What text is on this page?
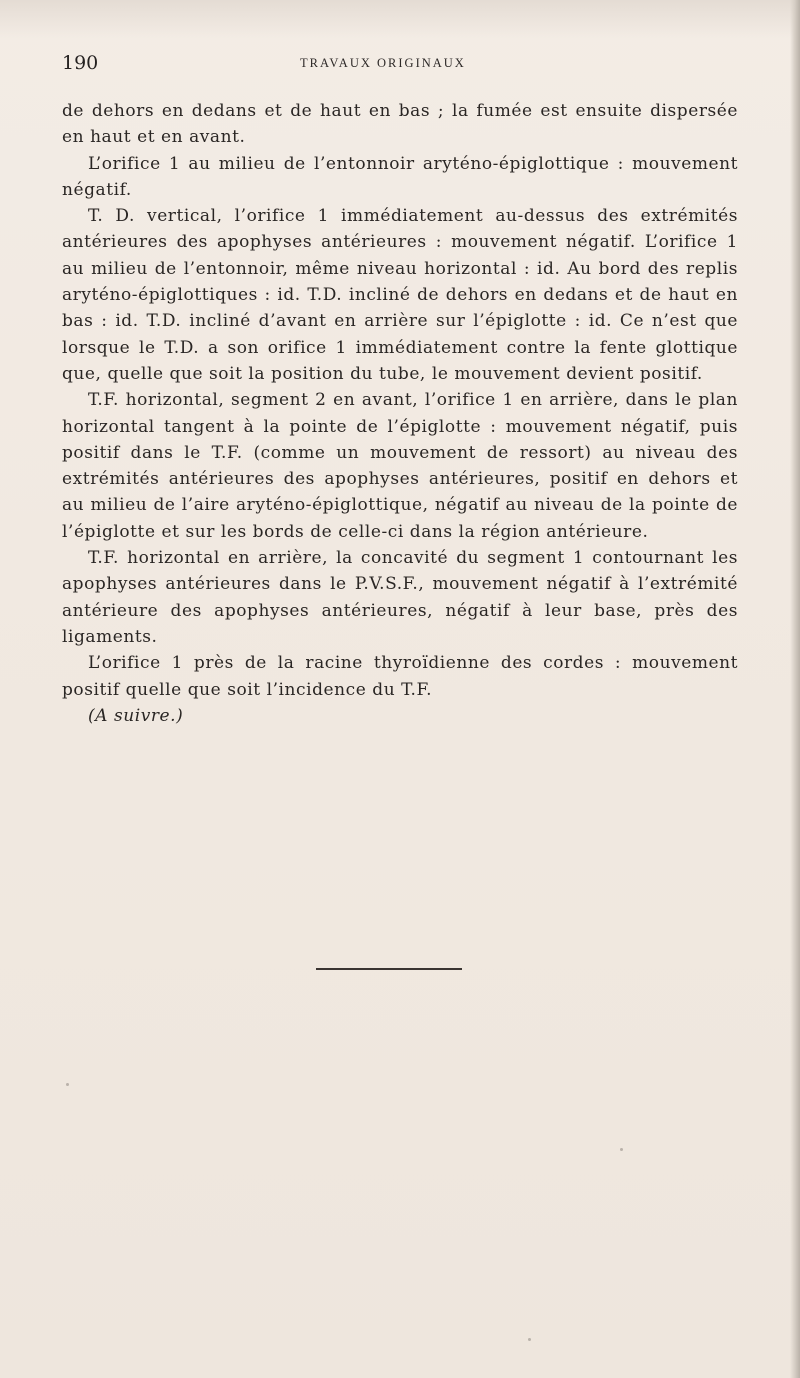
190	TRAVAUX ORIGINAUX

de dehors en dedans et de haut en bas ; la fumée est ensuite dispersée en haut et en avant.

L’orifice 1 au milieu de l’entonnoir aryténo-épiglottique : mouvement négatif.

T. D. vertical, l’orifice 1 immédiatement au-dessus des extrémités antérieures des apophyses antérieures : mouvement négatif. L’orifice 1 au milieu de l’entonnoir, même niveau horizontal : id. Au bord des replis aryténo-épiglottiques : id. T.D. incliné de dehors en dedans et de haut en bas : id. T.D. incliné d’avant en arrière sur l’épiglotte : id. Ce n’est que lorsque le T.D. a son orifice 1 immédiatement contre la fente glottique que, quelle que soit la position du tube, le mouvement devient positif.

T.F. horizontal, segment 2 en avant, l’orifice 1 en arrière, dans le plan horizontal tangent à la pointe de l’épiglotte : mouvement négatif, puis positif dans le T.F. (comme un mouvement de ressort) au niveau des extrémités antérieures des apophyses antérieures, positif en dehors et au milieu de l’aire aryténo-épiglottique, négatif au niveau de la pointe de l’épiglotte et sur les bords de celle-ci dans la région antérieure.

T.F. horizontal en arrière, la concavité du segment 1 contournant les apophyses antérieures dans le P.V.S.F., mouvement négatif à l’extrémité antérieure des apophyses antérieures, négatif à leur base, près des ligaments.

L’orifice 1 près de la racine thyroïdienne des cordes : mouvement positif quelle que soit l’incidence du T.F.

(A suivre.)
